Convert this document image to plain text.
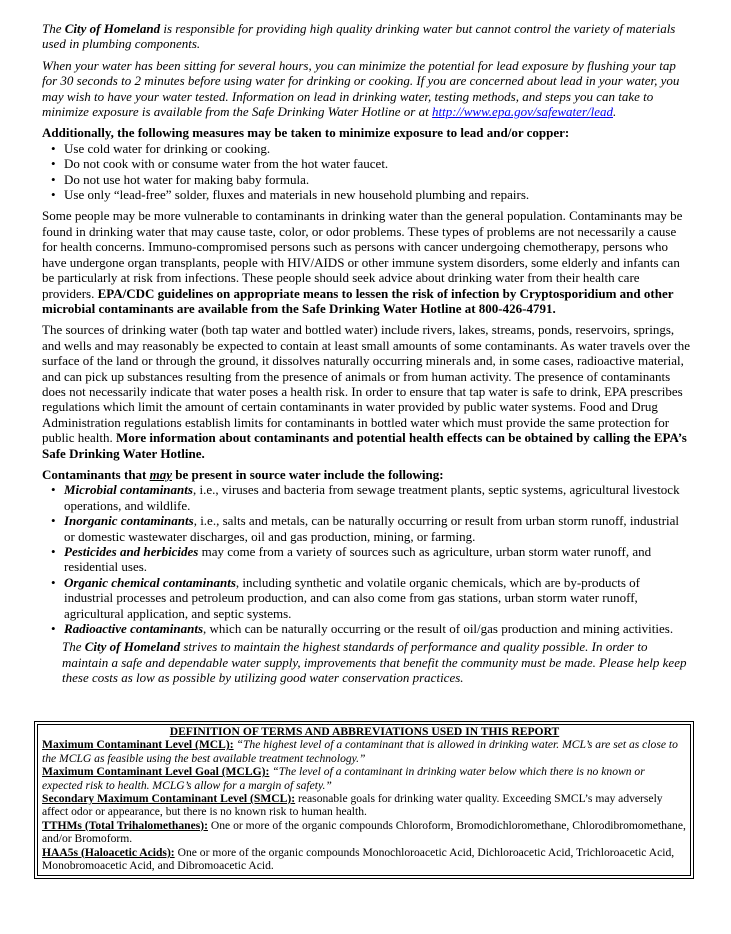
The City of Homeland is responsible for providing high quality drinking water but cannot control the variety of materials used in plumbing components.

When your water has been sitting for several hours, you can minimize the potential for lead exposure by flushing your tap for 30 seconds to 2 minutes before using water for drinking or cooking. If you are concerned about lead in your water, you may wish to have your water tested. Information on lead in drinking water, testing methods, and steps you can take to minimize exposure is available from the Safe Drinking Water Hotline or at http://www.epa.gov/safewater/lead.

Additionally, the following measures may be taken to minimize exposure to lead and/or copper:

• Use cold water for drinking or cooking.
• Do not cook with or consume water from the hot water faucet.
• Do not use hot water for making baby formula.
• Use only “lead-free” solder, fluxes and materials in new household plumbing and repairs.

Some people may be more vulnerable to contaminants in drinking water than the general population. Contaminants may be found in drinking water that may cause taste, color, or odor problems. These types of problems are not necessarily a cause for health concerns. Immuno-compromised persons such as persons with cancer undergoing chemotherapy, persons who have undergone organ transplants, people with HIV/AIDS or other immune system disorders, some elderly and infants can be particularly at risk from infections. These people should seek advice about drinking water from their health care providers. EPA/CDC guidelines on appropriate means to lessen the risk of infection by Cryptosporidium and other microbial contaminants are available from the Safe Drinking Water Hotline at 800-426-4791.

The sources of drinking water (both tap water and bottled water) include rivers, lakes, streams, ponds, reservoirs, springs, and wells and may reasonably be expected to contain at least small amounts of some contaminants. As water travels over the surface of the land or through the ground, it dissolves naturally occurring minerals and, in some cases, radioactive material, and can pick up substances resulting from the presence of animals or from human activity. The presence of contaminants does not necessarily indicate that water poses a health risk. In order to ensure that tap water is safe to drink, EPA prescribes regulations which limit the amount of certain contaminants in water provided by public water systems. Food and Drug Administration regulations establish limits for contaminants in bottled water which must provide the same protection for public health. More information about contaminants and potential health effects can be obtained by calling the EPA’s Safe Drinking Water Hotline.

Contaminants that may be present in source water include the following:

• Microbial contaminants, i.e., viruses and bacteria from sewage treatment plants, septic systems, agricultural livestock operations, and wildlife.
• Inorganic contaminants, i.e., salts and metals, can be naturally occurring or result from urban storm runoff, industrial or domestic wastewater discharges, oil and gas production, mining, or farming.
• Pesticides and herbicides may come from a variety of sources such as agriculture, urban storm water runoff, and residential uses.
• Organic chemical contaminants, including synthetic and volatile organic chemicals, which are by-products of industrial processes and petroleum production, and can also come from gas stations, urban storm water runoff, agricultural application, and septic systems.
• Radioactive contaminants, which can be naturally occurring or the result of oil/gas production and mining activities.

The City of Homeland strives to maintain the highest standards of performance and quality possible. In order to maintain a safe and dependable water supply, improvements that benefit the community must be made. Please help keep these costs as low as possible by utilizing good water conservation practices.

DEFINITION OF TERMS AND ABBREVIATIONS USED IN THIS REPORT
Maximum Contaminant Level (MCL): “The highest level of a contaminant that is allowed in drinking water. MCL’s are set as close to the MCLG as feasible using the best available treatment technology.”
Maximum Contaminant Level Goal (MCLG): “The level of a contaminant in drinking water below which there is no known or expected risk to health. MCLG’s allow for a margin of safety.”
Secondary Maximum Contaminant Level (SMCL): reasonable goals for drinking water quality. Exceeding SMCL’s may adversely affect odor or appearance, but there is no known risk to human health.
TTHMs (Total Trihalomethanes): One or more of the organic compounds Chloroform, Bromodichloromethane, Chlorodibromomethane, and/or Bromoform.
HAA5s (Haloacetic Acids): One or more of the organic compounds Monochloroacetic Acid, Dichloroacetic Acid, Trichloroacetic Acid, Monobromoacetic Acid, and Dibromoacetic Acid.
